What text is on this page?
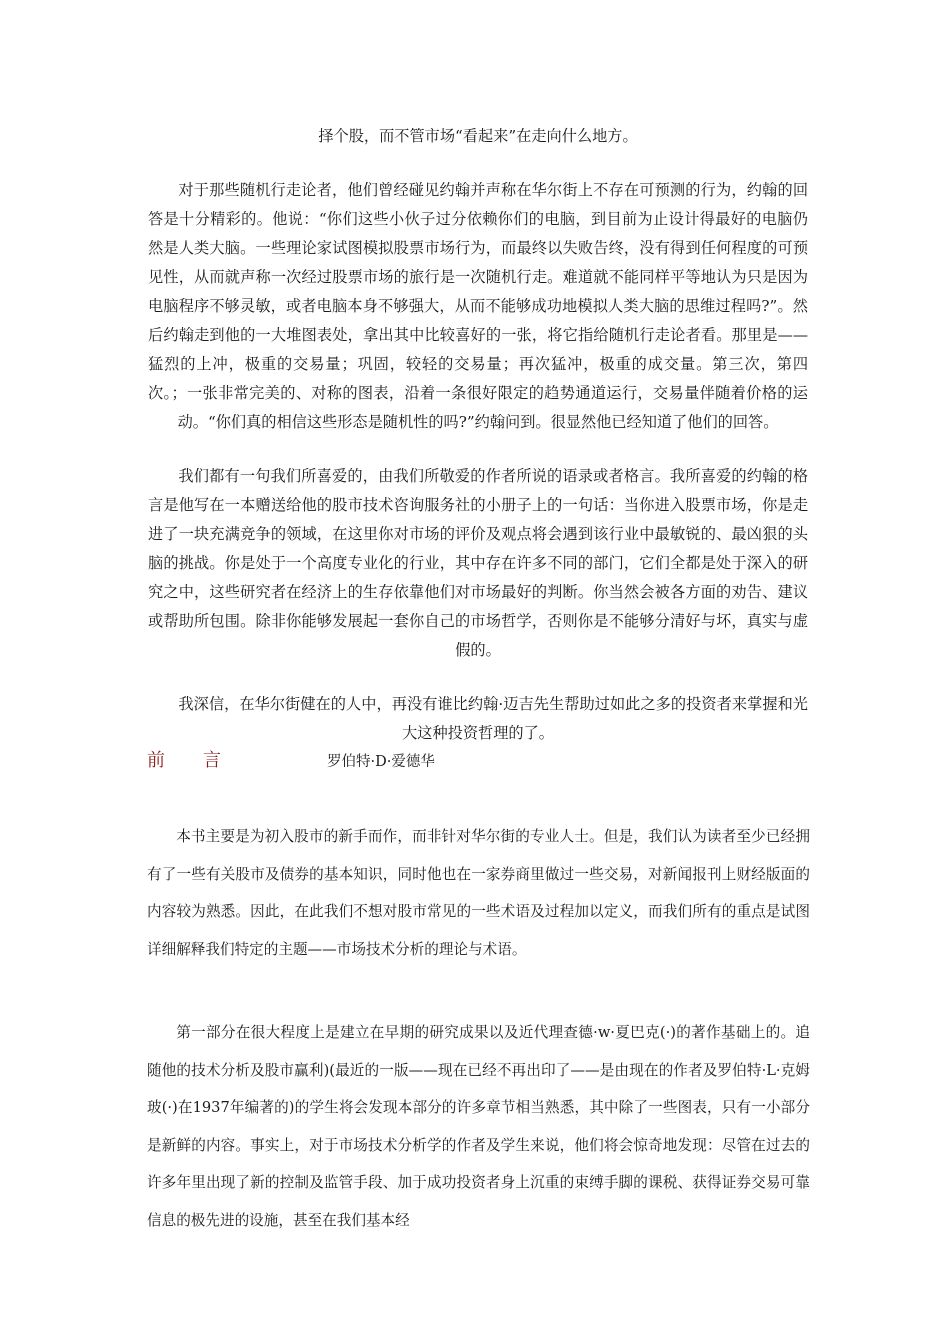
择个股，而不管市场“看起来”在走向什么地方。

对于那些随机行走论者，他们曾经碰见约翰并声称在华尔街上不存在可预测的行为，约翰的回答是十分精彩的。他说：“你们这些小伙子过分依赖你们的电脑，到目前为止设计得最好的电脑仍然是人类大脑。一些理论家试图模拟股票市场行为，而最终以失败告终，没有得到任何程度的可预见性，从而就声称一次经过股票市场的旅行是一次随机行走。难道就不能同样平等地认为只是因为电脑程序不够灵敏，或者电脑本身不够强大，从而不能够成功地模拟人类大脑的思维过程吗?”。然后约翰走到他的一大堆图表处，拿出其中比较喜好的一张，将它指给随机行走论者看。那里是——猛烈的上冲，极重的交易量；巩固，较轻的交易量；再次猛冲，极重的成交量。第三次，第四次。；一张非常完美的、对称的图表，沿着一条很好限定的趋势通道运行，交易量伴随着价格的运动。“你们真的相信这些形态是随机性的吗?”约翰问到。很显然他已经知道了他们的回答。

我们都有一句我们所喜爱的，由我们所敬爱的作者所说的语录或者格言。我所喜爱的约翰的格言是他写在一本赠送给他的股市技术咨询服务社的小册子上的一句话：当你进入股票市场，你是走进了一块充满竞争的领域，在这里你对市场的评价及观点将会遇到该行业中最敏锐的、最凶狠的头脑的挑战。你是处于一个高度专业化的行业，其中存在许多不同的部门，它们全都是处于深入的研究之中，这些研究者在经济上的生存依靠他们对市场最好的判断。你当然会被各方面的劝告、建议或帮助所包围。除非你能够发展起一套你自己的市场哲学，否则你是不能够分清好与坏，真实与虚假的。

我深信，在华尔街健在的人中，再没有谁比约翰·迈吉先生帮助过如此之多的投资者来掌握和光大这种投资哲理的了。

前言	罗伯特·D·爱德华

本书主要是为初入股市的新手而作，而非针对华尔街的专业人士。但是，我们认为读者至少已经拥有了一些有关股市及债券的基本知识，同时他也在一家券商里做过一些交易，对新闻报刊上财经版面的内容较为熟悉。因此，在此我们不想对股市常见的一些术语及过程加以定义，而我们所有的重点是试图详细解释我们特定的主题——市场技术分析的理论与术语。

第一部分在很大程度上是建立在早期的研究成果以及近代理查德·w·夏巴克(·)的著作基础上的。追随他的技术分析及股市赢利)(最近的一版——现在已经不再出印了——是由现在的作者及罗伯特·L·克姆玻(·)在1937年编著的)的学生将会发现本部分的许多章节相当熟悉，其中除了一些图表，只有一小部分是新鲜的内容。事实上，对于市场技术分析学的作者及学生来说，他们将会惊奇地发现：尽管在过去的许多年里出现了新的控制及监管手段、加于成功投资者身上沉重的束缚手脚的课税、获得证券交易可靠信息的极先进的设施，甚至在我们基本经
